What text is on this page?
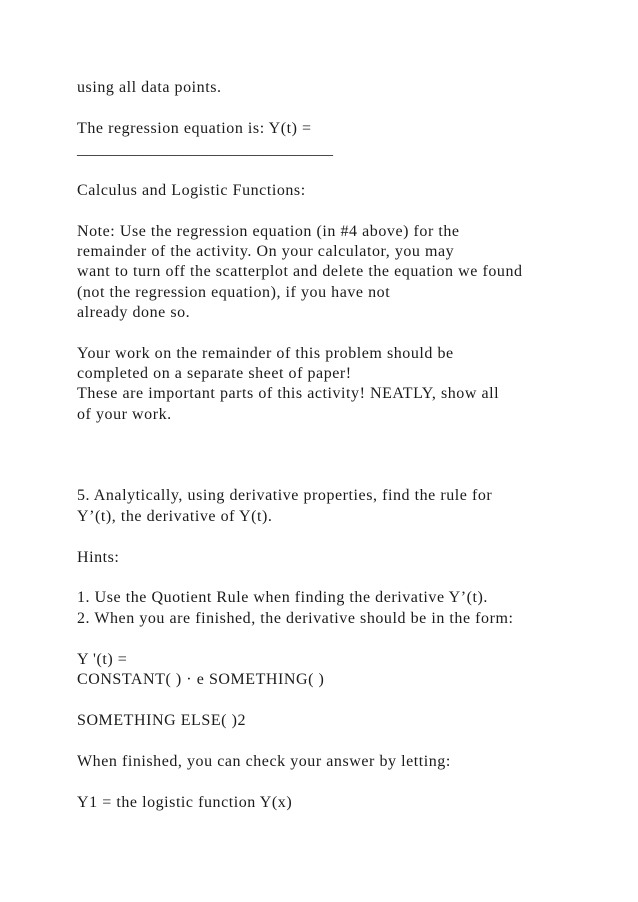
using all data points.
The regression equation is: Y(t) =
________________________________
Calculus and Logistic Functions:
Note: Use the regression equation (in #4 above) for the
remainder of the activity. On your calculator, you may
want to turn off the scatterplot and delete the equation we found
(not the regression equation), if you have not
already done so.
Your work on the remainder of this problem should be
completed on a separate sheet of paper!
These are important parts of this activity! NEATLY, show all
of your work.
5. Analytically, using derivative properties, find the rule for
Y’(t), the derivative of Y(t).
Hints:
1. Use the Quotient Rule when finding the derivative Y’(t).
2. When you are finished, the derivative should be in the form:
Y '(t) =
CONSTANT( ) · e SOMETHING( )
SOMETHING ELSE( )2
When finished, you can check your answer by letting:
Y1 = the logistic function Y(x)
